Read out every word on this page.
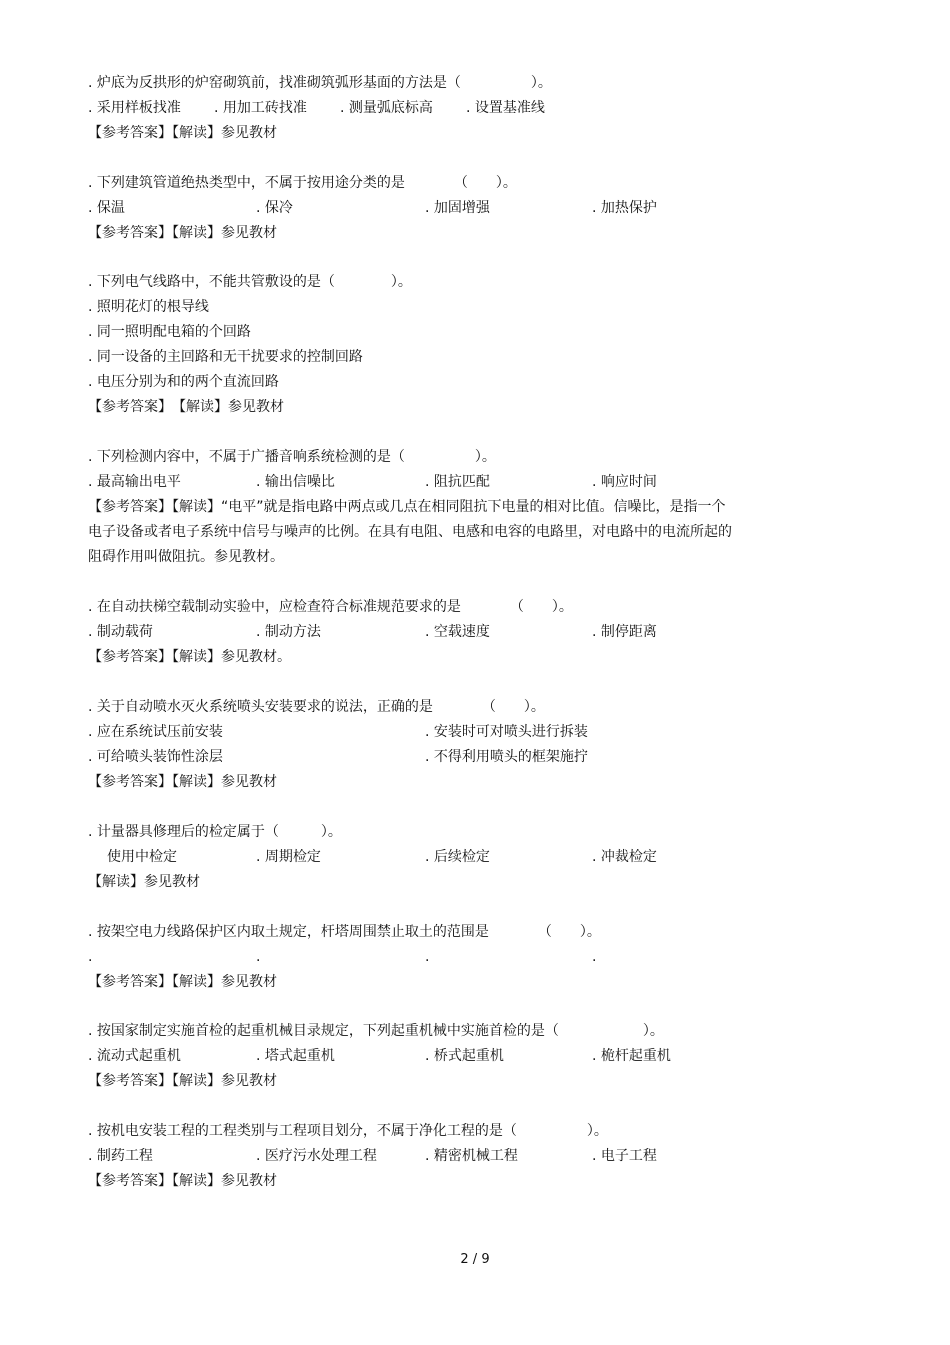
. 炉底为反拱形的炉窑砌筑前，找准砌筑弧形基面的方法是（　　　　　）。
. 采用样板找准 . 用加工砖找准 . 测量弧底标高 . 设置基准线
【参考答案】【解读】参见教材
. 下列建筑管道绝热类型中，不属于按用途分类的是　　　　（　　）。
. 保温	. 保冷	. 加固增强	. 加热保护
【参考答案】【解读】参见教材
. 下列电气线路中，不能共管敷设的是（　　　　）。
. 照明花灯的根导线
. 同一照明配电箱的个回路
. 同一设备的主回路和无干扰要求的控制回路
. 电压分别为和的两个直流回路
【参考答案】　【解读】参见教材
. 下列检测内容中，不属于广播音响系统检测的是（　　　　　）。
. 最高输出电平	. 输出信噪比	. 阻抗匹配	. 响应时间
【参考答案】【解读】“电平”就是指电路中两点或几点在相同阻抗下电量的相对比值。信噪比，是指一个
电子设备或者电子系统中信号与噪声的比例。在具有电阻、电感和电容的电路里，对电路中的电流所起的
阻碍作用叫做阻抗。参见教材。
. 在自动扶梯空载制动实验中，应检查符合标准规范要求的是　　　　（　　）。
. 制动载荷	. 制动方法	. 空载速度	. 制停距离
【参考答案】【解读】参见教材。
. 关于自动喷水灭火系统喷头安装要求的说法，正确的是　　　　（　　）。
. 应在系统试压前安装	. 安装时可对喷头进行拆装
. 可给喷头装饰性涂层	. 不得利用喷头的框架施拧
【参考答案】【解读】参见教材
. 计量器具修理后的检定属于（　　　）。
使用中检定	. 周期检定	. 后续检定	. 冲裁检定
【解读】参见教材
. 按架空电力线路保护区内取土规定，杆塔周围禁止取土的范围是　　　　（　　）。
.	.	.	.
【参考答案】【解读】参见教材
. 按国家制定实施首检的起重机械目录规定，下列起重机械中实施首检的是（　　　　　　）。
. 流动式起重机	. 塔式起重机	. 桥式起重机	. 桅杆起重机
【参考答案】【解读】参见教材
. 按机电安装工程的工程类别与工程项目划分，不属于净化工程的是（　　　　　）。
. 制药工程	. 医疗污水处理工程	. 精密机械工程	. 电子工程
【参考答案】【解读】参见教材
2 / 9
